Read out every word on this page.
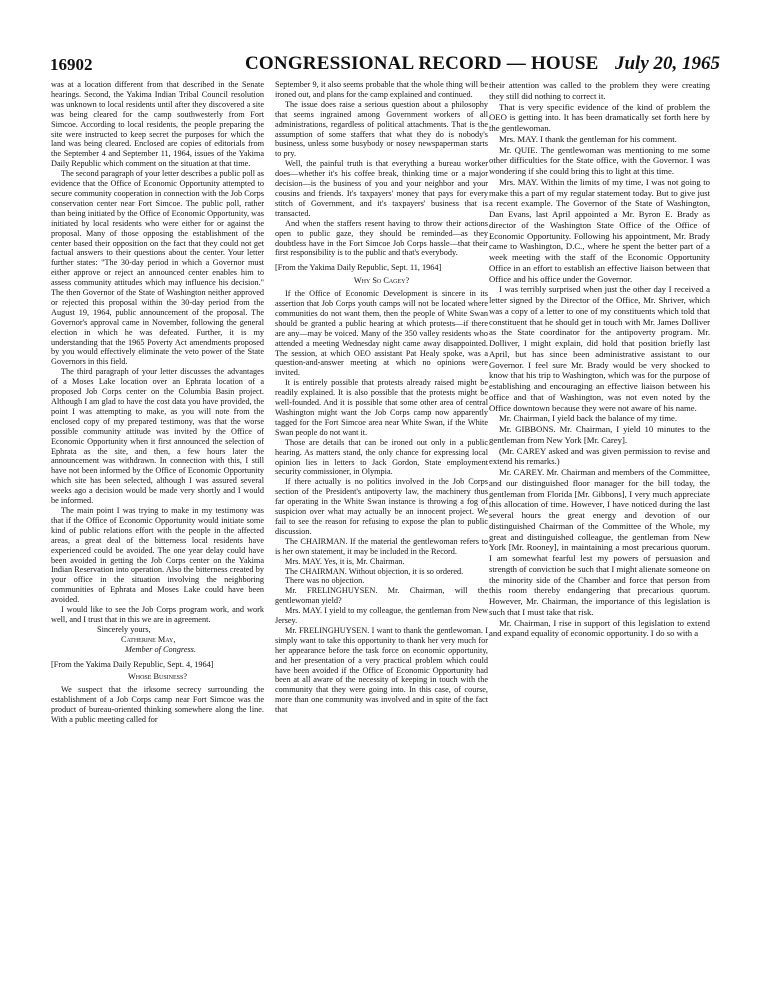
16902	CONGRESSIONAL RECORD — HOUSE July 20, 1965

was at a location different from that described in the Senate hearings. Second, the Yakima Indian Tribal Council resolution was unknown to local residents until after they discovered a site was being cleared for the camp southwesterly from Fort Simcoe. According to local residents, the people preparing the site were instructed to keep secret the purposes for which the land was being cleared. Enclosed are copies of editorials from the September 4 and September 11, 1964, issues of the Yakima Daily Republic which comment on the situation at that time.

The second paragraph of your letter describes a public poll as evidence that the Office of Economic Opportunity attempted to secure community cooperation in connection with the Job Corps conservation center near Fort Simcoe. The public poll, rather than being initiated by the Office of Economic Opportunity, was initiated by local residents who were either for or against the proposal. Many of those opposing the establishment of the center based their opposition on the fact that they could not get factual answers to their questions about the center. Your letter further states: "The 30-day period in which a Governor must either approve or reject an announced center enables him to assess community attitudes which may influence his decision." The then Governor of the State of Washington neither approved or rejected this proposal within the 30-day period from the August 19, 1964, public announcement of the proposal. The Governor's approval came in November, following the general election in which he was defeated. Further, it is my understanding that the 1965 Poverty Act amendments proposed by you would effectively eliminate the veto power of the State Governors in this field.

The third paragraph of your letter discusses the advantages of a Moses Lake location over an Ephrata location of a proposed Job Corps center on the Columbia Basin project. Although I am glad to have the cost data you have provided, the point I was attempting to make, as you will note from the enclosed copy of my prepared testimony, was that the worse possible community attitude was invited by the Office of Economic Opportunity when it first announced the selection of Ephrata as the site, and then, a few hours later the announcement was withdrawn. In connection with this, I still have not been informed by the Office of Economic Opportunity which site has been selected, although I was assured several weeks ago a decision would be made very shortly and I would be informed.

The main point I was trying to make in my testimony was that if the Office of Economic Opportunity would initiate some kind of public relations effort with the people in the affected areas, a great deal of the bitterness local residents have experienced could be avoided. The one year delay could have been avoided in getting the Job Corps center on the Yakima Indian Reservation into operation. Also the bitterness created by your office in the situation involving the neighboring communities of Ephrata and Moses Lake could have been avoided.

I would like to see the Job Corps program work, and work well, and I trust that in this we are in agreement.

Sincerely yours,
Catherine May,
Member of Congress.

[From the Yakima Daily Republic, Sept. 4, 1964]

Whose Business?

We suspect that the irksome secrecy surrounding the establishment of a Job Corps camp near Fort Simcoe was the product of bureau-oriented thinking somewhere along the line. With a public meeting called for

September 9, it also seems probable that the whole thing will be ironed out, and plans for the camp explained and continued.

The issue does raise a serious question about a philosophy that seems ingrained among Government workers of all administrations, regardless of political attachments. That is the assumption of some staffers that what they do is nobody's business, unless some busybody or nosey newspaperman starts to pry.

Well, the painful truth is that everything a bureau worker does—whether it's his coffee break, thinking time or a major decision—is the business of you and your neighbor and your cousins and friends. It's taxpayers' money that pays for every stitch of Government, and it's taxpayers' business that is transacted.

And when the staffers resent having to throw their actions open to public gaze, they should be reminded—as they doubtless have in the Fort Simcoe Job Corps hassle—that their first responsibility is to the public and that's everybody.

[From the Yakima Daily Republic, Sept. 11, 1964]

Why So Cagey?

If the Office of Economic Development is sincere in its assertion that Job Corps youth camps will not be located where communities do not want them, then the people of White Swan should be granted a public hearing at which protests—if there are any—may be voiced. Many of the 350 valley residents who attended a meeting Wednesday night came away disappointed. The session, at which OEO assistant Pat Healy spoke, was a question-and-answer meeting at which no opinions were invited.

It is entirely possible that protests already raised might be readily explained. It is also possible that the protests might be well-founded. And it is possible that some other area of central Washington might want the Job Corps camp now apparently tagged for the Fort Simcoe area near White Swan, if the White Swan people do not want it.

Those are details that can be ironed out only in a public hearing. As matters stand, the only chance for expressing local opinion lies in letters to Jack Gordon, State employment security commissioner, in Olympia.

If there actually is no politics involved in the Job Corps section of the President's antipoverty law, the machinery thus far operating in the White Swan instance is throwing a fog of suspicion over what may actually be an innocent project. We fail to see the reason for refusing to expose the plan to public discussion.

The CHAIRMAN. If the material the gentlewoman refers to is her own statement, it may be included in the Record.

Mrs. MAY. Yes, it is, Mr. Chairman.

The CHAIRMAN. Without objection, it is so ordered.

There was no objection.

Mr. FRELINGHUYSEN. Mr. Chairman, will the gentlewoman yield?

Mrs. MAY. I yield to my colleague, the gentleman from New Jersey.

Mr. FRELINGHUYSEN. I want to thank the gentlewoman. I simply want to take this opportunity to thank her very much for her appearance before the task force on economic opportunity, and her presentation of a very practical problem which could have been avoided if the Office of Economic Opportunity had been at all aware of the necessity of keeping in touch with the community that they were going into. In this case, of course, more than one community was involved and in spite of the fact that

their attention was called to the problem they were creating they still did nothing to correct it.

That is very specific evidence of the kind of problem the OEO is getting into. It has been dramatically set forth here by the gentlewoman.

Mrs. MAY. I thank the gentleman for his comment.

Mr. QUIE. The gentlewoman was mentioning to me some other difficulties for the State office, with the Governor. I was wondering if she could bring this to light at this time.

Mrs. MAY. Within the limits of my time, I was not going to make this a part of my regular statement today. But to give just a recent example. The Governor of the State of Washington, Dan Evans, last April appointed a Mr. Byron E. Brady as director of the Washington State Office of the Office of Economic Opportunity. Following his appointment, Mr. Brady came to Washington, D.C., where he spent the better part of a week meeting with the staff of the Economic Opportunity Office in an effort to establish an effective liaison between that Office and his office under the Governor.

I was terribly surprised when just the other day I received a letter signed by the Director of the Office, Mr. Shriver, which was a copy of a letter to one of my constituents which told that constituent that he should get in touch with Mr. James Dolliver as the State coordinator for the antipoverty program. Mr. Dolliver, I might explain, did hold that position briefly last April, but has since been administrative assistant to our Governor. I feel sure Mr. Brady would be very shocked to know that his trip to Washington, which was for the purpose of establishing and encouraging an effective liaison between his office and that of Washington, was not even noted by the Office downtown because they were not aware of his name.

Mr. Chairman, I yield back the balance of my time.

Mr. GIBBONS. Mr. Chairman, I yield 10 minutes to the gentleman from New York [Mr. Carey].

(Mr. CAREY asked and was given permission to revise and extend his remarks.)

Mr. CAREY. Mr. Chairman and members of the Committee, and our distinguished floor manager for the bill today, the gentleman from Florida [Mr. Gibbons], I very much appreciate this allocation of time. However, I have noticed during the last several hours the great energy and devotion of our distinguished Chairman of the Committee of the Whole, my great and distinguished colleague, the gentleman from New York [Mr. Rooney], in maintaining a most precarious quorum. I am somewhat fearful lest my powers of persuasion and strength of conviction be such that I might alienate someone on the minority side of the Chamber and force that person from this room thereby endangering that precarious quorum. However, Mr. Chairman, the importance of this legislation is such that I must take that risk.

Mr. Chairman, I rise in support of this legislation to extend and expand equality of economic opportunity. I do so with a
